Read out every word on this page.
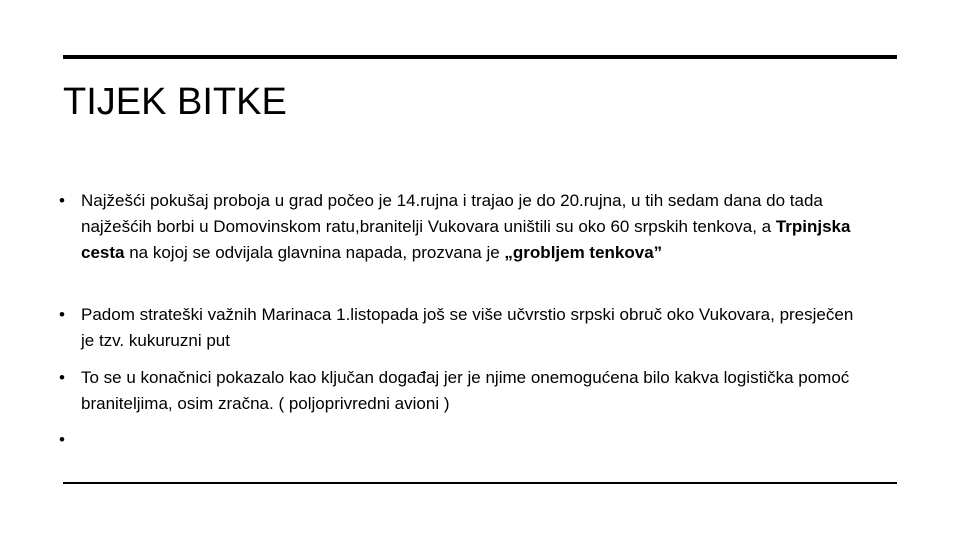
TIJEK BITKE
• Najžešći pokušaj proboja u grad počeo je 14.rujna i trajao je do 20.rujna, u tih sedam dana do tada najžešćih borbi u Domovinskom ratu,branitelji Vukovara uništili su oko 60 srpskih tenkova, a Trpinjska cesta na kojoj se odvijala glavnina napada, prozvana je „grobljem tenkova”
• Padom strateški važnih Marinaca 1.listopada još se više učvrstio srpski obruč oko Vukovara, presječen je tzv. kukuruzni put
• To se u konačnici pokazalo kao ključan događaj jer je njime onemogućena bilo kakva logistička pomoć braniteljima, osim zračna. ( poljoprivredni avioni )
•
